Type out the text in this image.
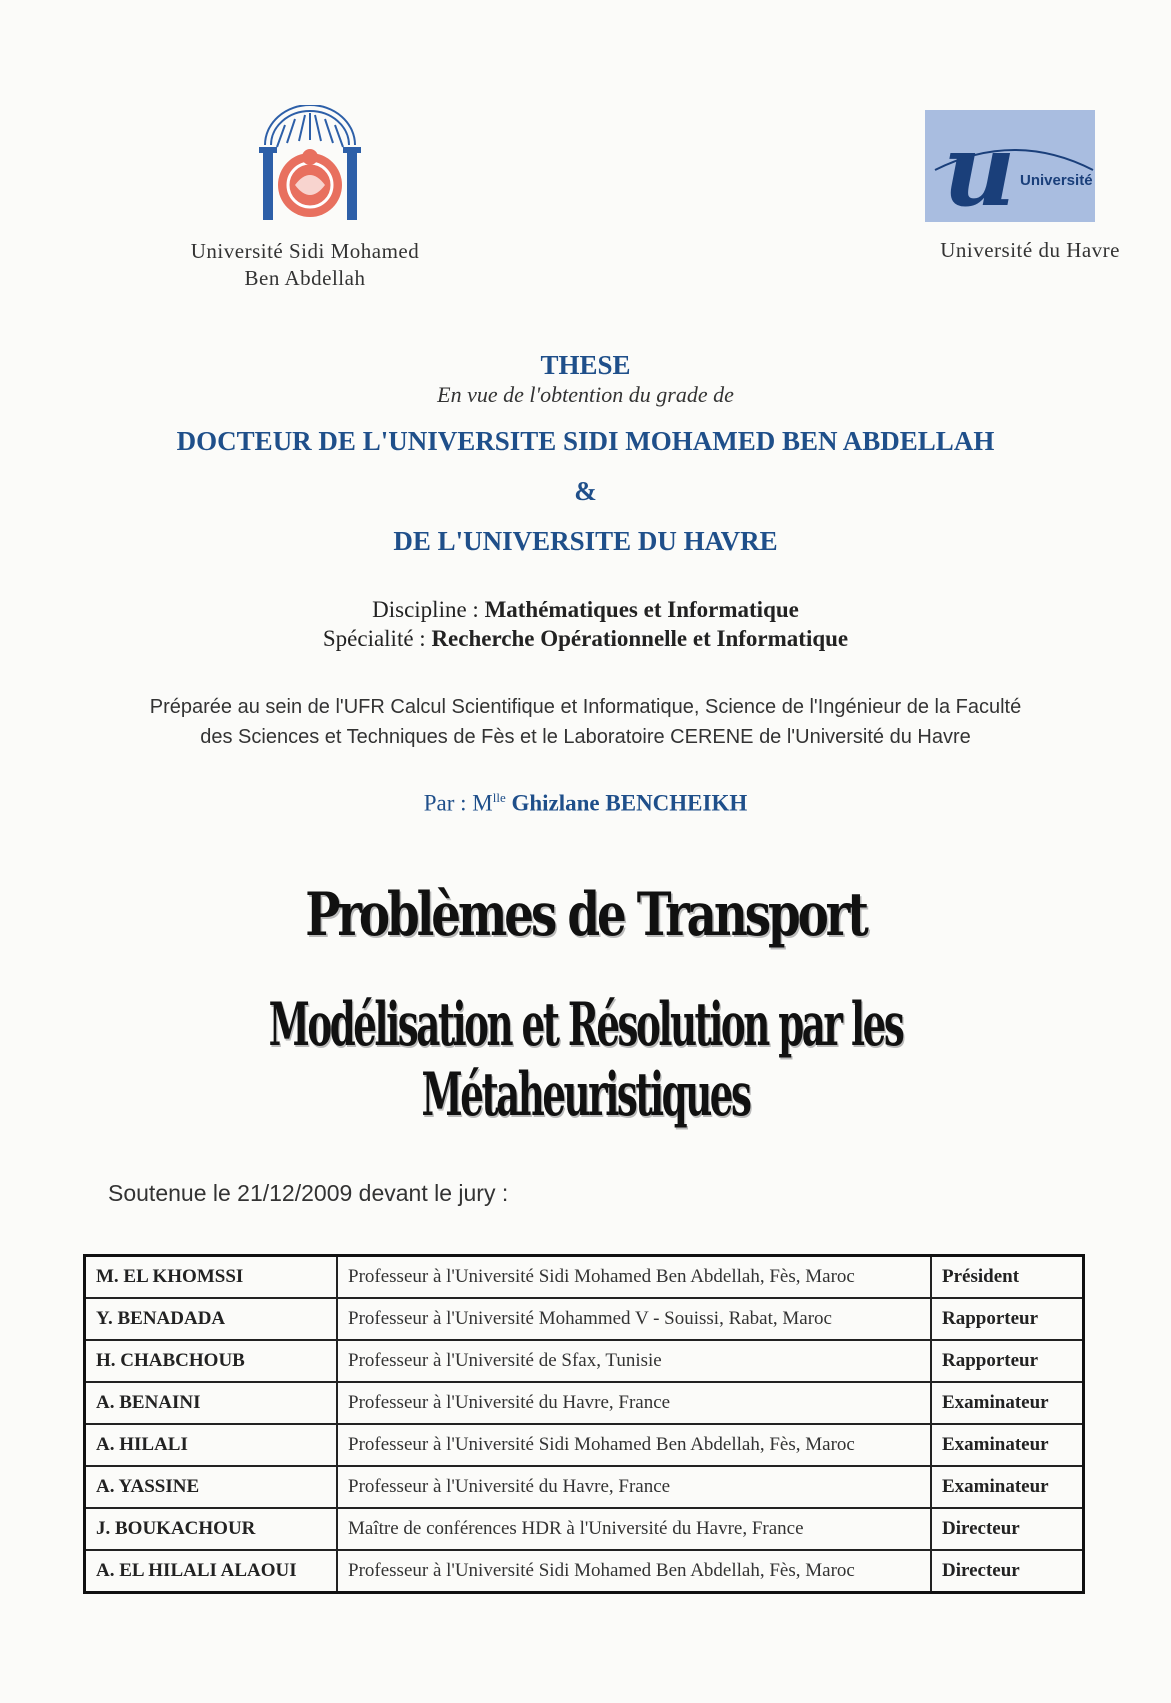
u Université
Université Sidi Mohamed
Ben Abdellah
Université du Havre
THESE
En vue de l'obtention du grade de
DOCTEUR DE L'UNIVERSITE SIDI MOHAMED BEN ABDELLAH
&
DE L'UNIVERSITE DU HAVRE
Discipline : Mathématiques et Informatique
Spécialité : Recherche Opérationnelle et Informatique
Préparée au sein de l'UFR Calcul Scientifique et Informatique, Science de l'Ingénieur de la Faculté
des Sciences et Techniques de Fès et le Laboratoire CERENE de l'Université du Havre
Par : $M^{lle}$ Ghizlane BENCHEIKH
Problèmes de Transport
Modélisation et Résolution par les Métaheuristiques
Soutenue le 21/12/2009 devant le jury :
M. EL KHOMSSI	Professeur à l'Université Sidi Mohamed Ben Abdellah, Fès, Maroc	Président
Y. BENADADA	Professeur à l'Université Mohammed V - Souissi, Rabat, Maroc	Rapporteur
H. CHABCHOUB	Professeur à l'Université de Sfax, Tunisie	Rapporteur
A. BENAINI	Professeur à l'Université du Havre, France	Examinateur
A. HILALI	Professeur à l'Université Sidi Mohamed Ben Abdellah, Fès, Maroc	Examinateur
A. YASSINE	Professeur à l'Université du Havre, France	Examinateur
J. BOUKACHOUR	Maître de conférences HDR à l'Université du Havre, France	Directeur
A. EL HILALI ALAOUI	Professeur à l'Université Sidi Mohamed Ben Abdellah, Fès, Maroc	Directeur
